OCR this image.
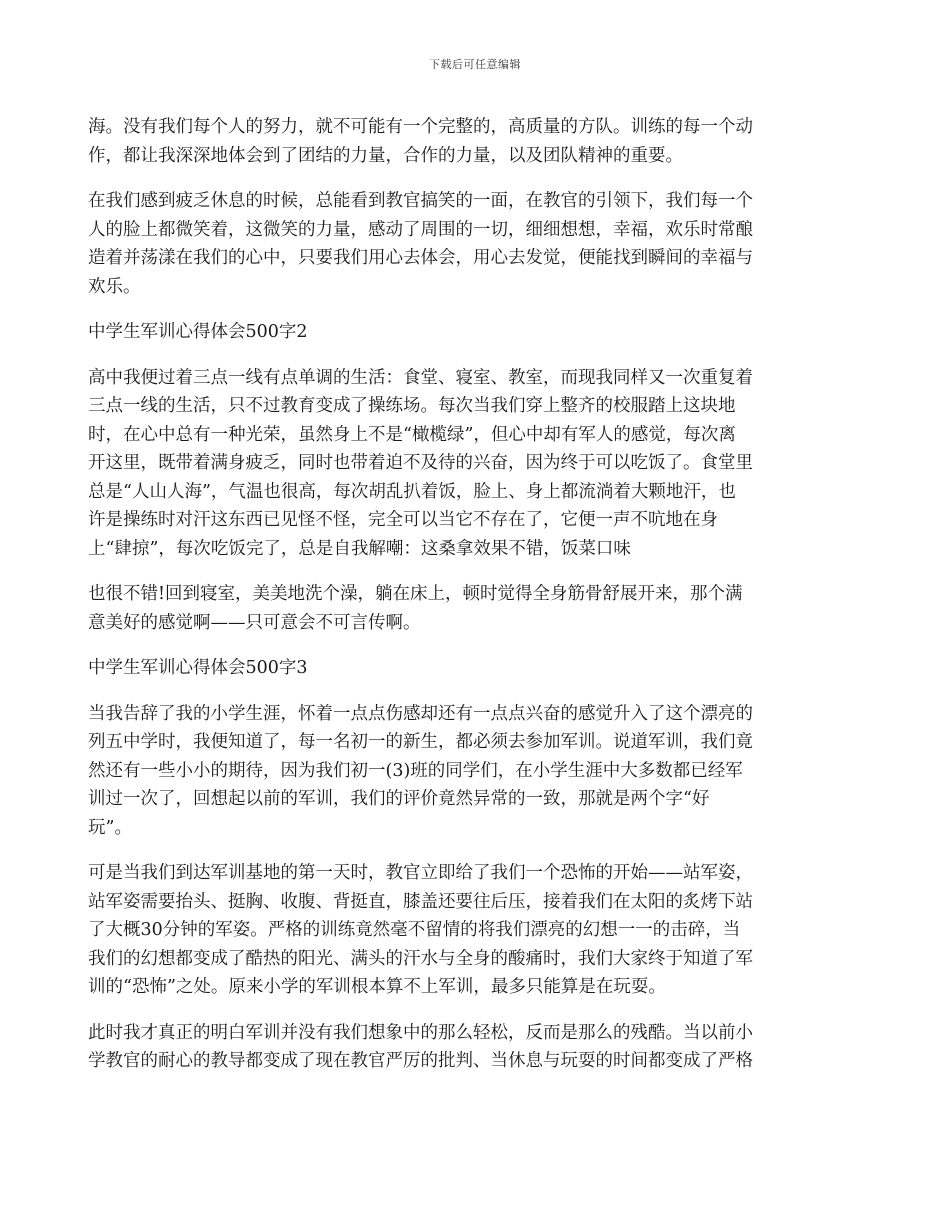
下载后可任意编辑
海。没有我们每个人的努力，就不可能有一个完整的，高质量的方队。训练的每一个动
作，都让我深深地体会到了团结的力量，合作的力量，以及团队精神的重要。
在我们感到疲乏休息的时候，总能看到教官搞笑的一面，在教官的引领下，我们每一个
人的脸上都微笑着，这微笑的力量，感动了周围的一切，细细想想，幸福，欢乐时常酿
造着并荡漾在我们的心中，只要我们用心去体会，用心去发觉，便能找到瞬间的幸福与
欢乐。
中学生军训心得体会500字2
高中我便过着三点一线有点单调的生活：食堂、寝室、教室，而现我同样又一次重复着
三点一线的生活，只不过教育变成了操练场。每次当我们穿上整齐的校服踏上这块地
时，在心中总有一种光荣，虽然身上不是“橄榄绿”，但心中却有军人的感觉，每次离
开这里，既带着满身疲乏，同时也带着迫不及待的兴奋，因为终于可以吃饭了。食堂里
总是“人山人海”，气温也很高，每次胡乱扒着饭，脸上、身上都流淌着大颗地汗，也
许是操练时对汗这东西已见怪不怪，完全可以当它不存在了，它便一声不吭地在身
上“肆掠”，每次吃饭完了，总是自我解嘲：这桑拿效果不错，饭菜口味
也很不错!回到寝室，美美地洗个澡，躺在床上，顿时觉得全身筋骨舒展开来，那个满
意美好的感觉啊——只可意会不可言传啊。
中学生军训心得体会500字3
当我告辞了我的小学生涯，怀着一点点伤感却还有一点点兴奋的感觉升入了这个漂亮的
列五中学时，我便知道了，每一名初一的新生，都必须去参加军训。说道军训，我们竟
然还有一些小小的期待，因为我们初一(3)班的同学们，在小学生涯中大多数都已经军
训过一次了，回想起以前的军训，我们的评价竟然异常的一致，那就是两个字“好
玩”。
可是当我们到达军训基地的第一天时，教官立即给了我们一个恐怖的开始——站军姿，
站军姿需要抬头、挺胸、收腹、背挺直，膝盖还要往后压，接着我们在太阳的炙烤下站
了大概30分钟的军姿。严格的训练竟然毫不留情的将我们漂亮的幻想一一的击碎，当
我们的幻想都变成了酷热的阳光、满头的汗水与全身的酸痛时，我们大家终于知道了军
训的“恐怖”之处。原来小学的军训根本算不上军训，最多只能算是在玩耍。
此时我才真正的明白军训并没有我们想象中的那么轻松，反而是那么的残酷。当以前小
学教官的耐心的教导都变成了现在教官严厉的批判、当休息与玩耍的时间都变成了严格
